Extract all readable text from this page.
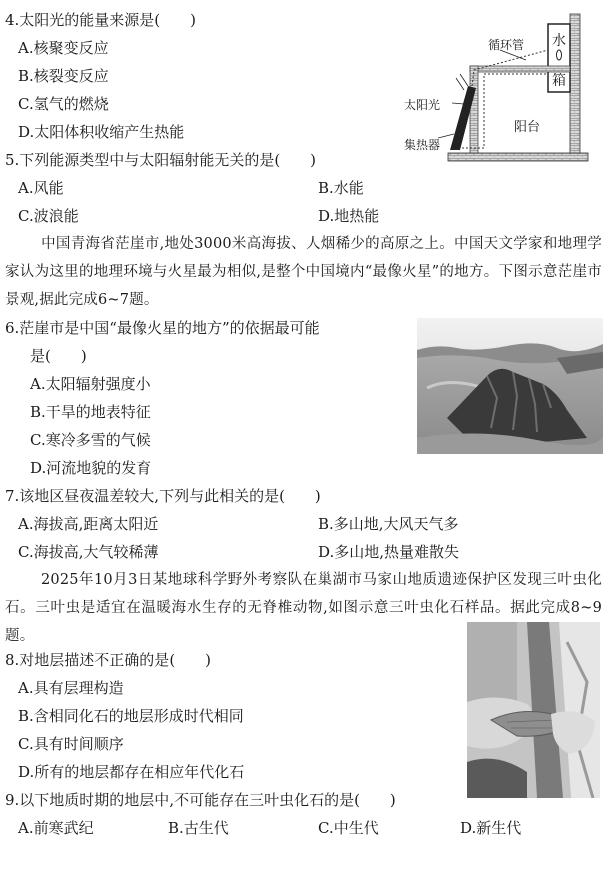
4.太阳光的能量来源是(　　)
A.核聚变反应
B.核裂变反应
C.氢气的燃烧
D.太阳体积收缩产生热能
水
箱
循环管
太阳光
阳台
集热器
5.下列能源类型中与太阳辐射能无关的是(　　)
A.风能	B.水能
C.波浪能	D.地热能
中国青海省茫崖市,地处3000米高海拔、人烟稀少的高原之上。中国天文学家和地理学家认为这里的地理环境与火星最为相似,是整个中国境内“最像火星”的地方。下图示意茫崖市景观,据此完成6~7题。
6.茫崖市是中国“最像火星的地方”的依据最可能
是(　　)
A.太阳辐射强度小
B.干旱的地表特征
C.寒冷多雪的气候
D.河流地貌的发育
7.该地区昼夜温差较大,下列与此相关的是(　　)
A.海拔高,距离太阳近	B.多山地,大风天气多
C.海拔高,大气较稀薄	D.多山地,热量难散失
2025年10月3日某地球科学野外考察队在巢湖市马家山地质遗迹保护区发现三叶虫化石。三叶虫是适宜在温暖海水生存的无脊椎动物,如图示意三叶虫化石样品。据此完成8~9题。
8.对地层描述不正确的是(　　)
A.具有层理构造
B.含相同化石的地层形成时代相同
C.具有时间顺序
D.所有的地层都存在相应年代化石
9.以下地质时期的地层中,不可能存在三叶虫化石的是(　　)
A.前寒武纪	B.古生代	C.中生代	D.新生代
